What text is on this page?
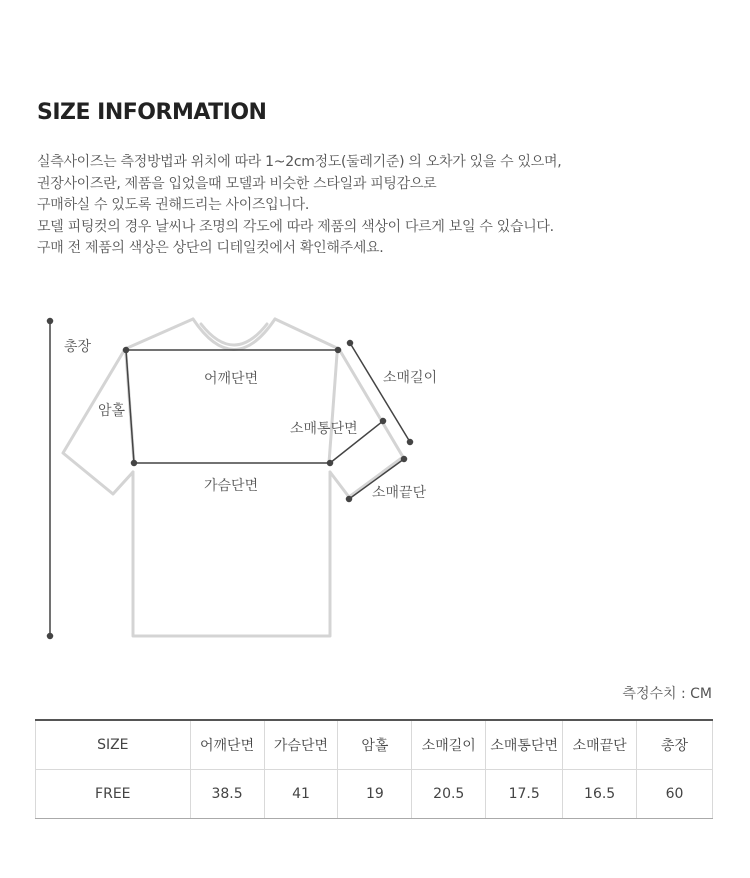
SIZE INFORMATION
실측사이즈는 측정방법과 위치에 따라 1~2cm정도(둘레기준) 의 오차가 있을 수 있으며,
권장사이즈란, 제품을 입었을때 모델과 비슷한 스타일과 피팅감으로
구매하실 수 있도록 권해드리는 사이즈입니다.
모델 피팅컷의 경우 날씨나 조명의 각도에 따라 제품의 색상이 다르게 보일 수 있습니다.
구매 전 제품의 색상은 상단의 디테일컷에서 확인해주세요.
총장
어깨단면
암홀
소매길이
소매통단면
가슴단면	소매끝단
측정수치 : CM
SIZE	어깨단면	가슴단면	암홀	소매길이	소매통단면	소매끝단	총장
FREE	38.5	41	19	20.5	17.5	16.5	60
